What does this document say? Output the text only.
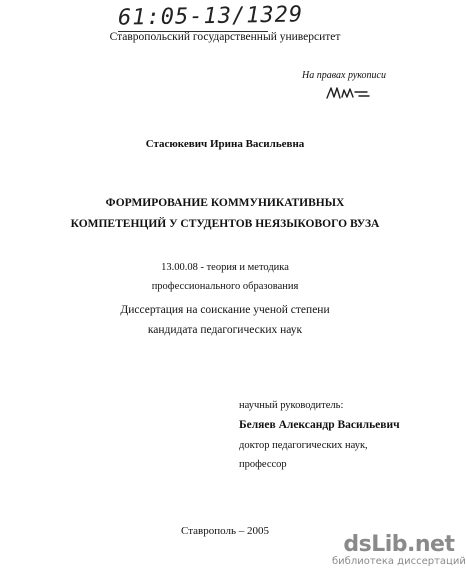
61:05-13/1329
Ставропольский государственный университет
На правах рукописи
Стасюкевич Ирина Васильевна
ФОРМИРОВАНИЕ КОММУНИКАТИВНЫХ
КОМПЕТЕНЦИЙ У СТУДЕНТОВ НЕЯЗЫКОВОГО ВУЗА
13.00.08 - теория и методика
профессионального образования
Диссертация на соискание ученой степени
кандидата педагогических наук
научный руководитель:
Беляев Александр Васильевич
доктор педагогических наук,
профессор
Ставрополь – 2005
dsLib.net
библиотека диссертаций
